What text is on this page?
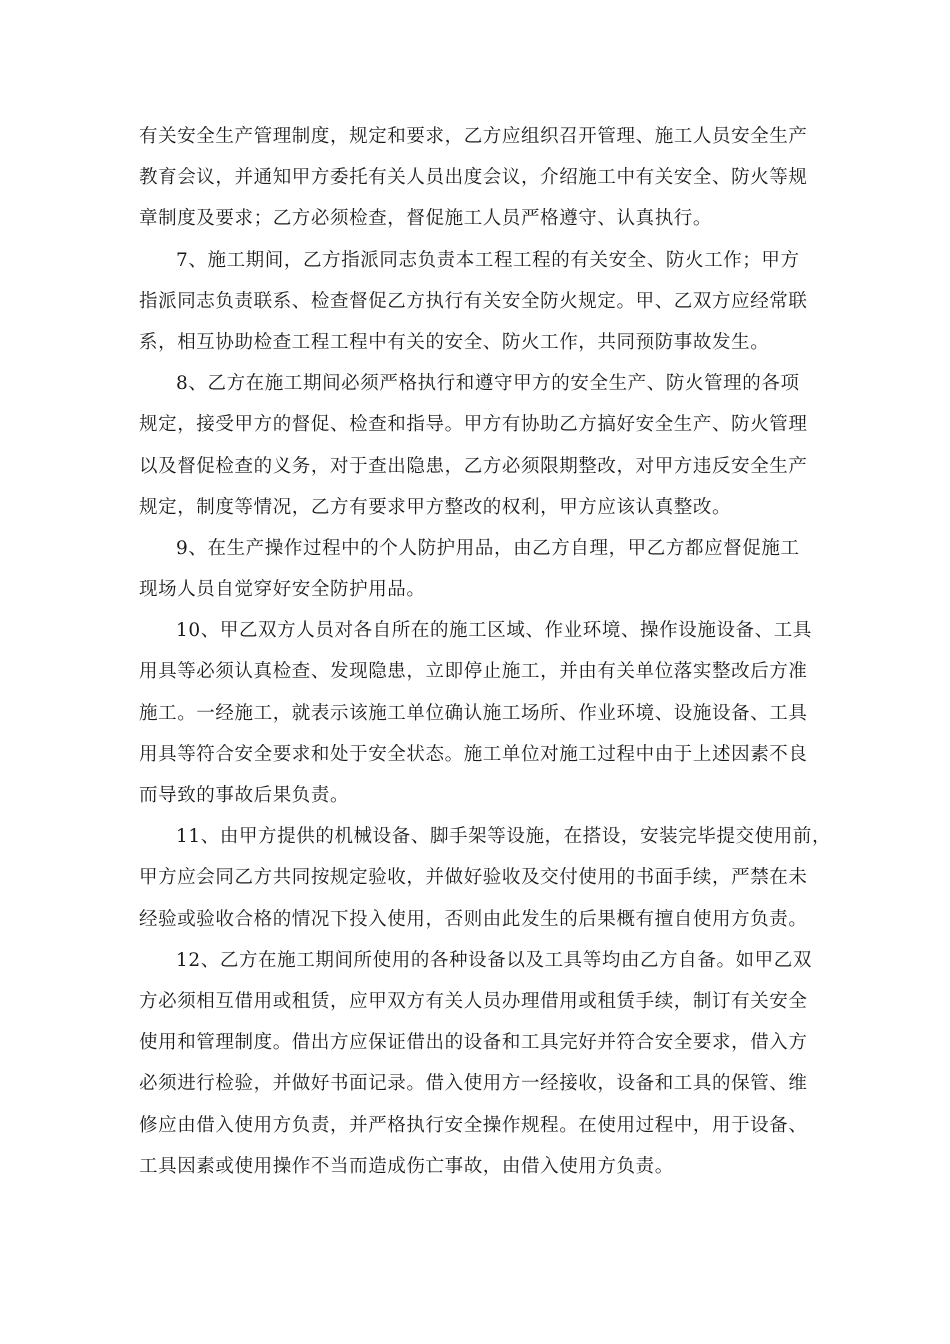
有关安全生产管理制度，规定和要求，乙方应组织召开管理、施工人员安全生产
教育会议，并通知甲方委托有关人员出度会议，介绍施工中有关安全、防火等规
章制度及要求；乙方必须检查，督促施工人员严格遵守、认真执行。
7、施工期间，乙方指派同志负责本工程工程的有关安全、防火工作；甲方
指派同志负责联系、检查督促乙方执行有关安全防火规定。甲、乙双方应经常联
系，相互协助检查工程工程中有关的安全、防火工作，共同预防事故发生。
8、乙方在施工期间必须严格执行和遵守甲方的安全生产、防火管理的各项
规定，接受甲方的督促、检查和指导。甲方有协助乙方搞好安全生产、防火管理
以及督促检查的义务，对于查出隐患，乙方必须限期整改，对甲方违反安全生产
规定，制度等情况，乙方有要求甲方整改的权利，甲方应该认真整改。
9、在生产操作过程中的个人防护用品，由乙方自理，甲乙方都应督促施工
现场人员自觉穿好安全防护用品。
10、甲乙双方人员对各自所在的施工区域、作业环境、操作设施设备、工具
用具等必须认真检查、发现隐患，立即停止施工，并由有关单位落实整改后方准
施工。一经施工，就表示该施工单位确认施工场所、作业环境、设施设备、工具
用具等符合安全要求和处于安全状态。施工单位对施工过程中由于上述因素不良
而导致的事故后果负责。
11、由甲方提供的机械设备、脚手架等设施，在搭设，安装完毕提交使用前，
甲方应会同乙方共同按规定验收，并做好验收及交付使用的书面手续，严禁在未
经验或验收合格的情况下投入使用，否则由此发生的后果概有擅自使用方负责。
12、乙方在施工期间所使用的各种设备以及工具等均由乙方自备。如甲乙双
方必须相互借用或租赁，应甲双方有关人员办理借用或租赁手续，制订有关安全
使用和管理制度。借出方应保证借出的设备和工具完好并符合安全要求，借入方
必须进行检验，并做好书面记录。借入使用方一经接收，设备和工具的保管、维
修应由借入使用方负责，并严格执行安全操作规程。在使用过程中，用于设备、
工具因素或使用操作不当而造成伤亡事故，由借入使用方负责。
